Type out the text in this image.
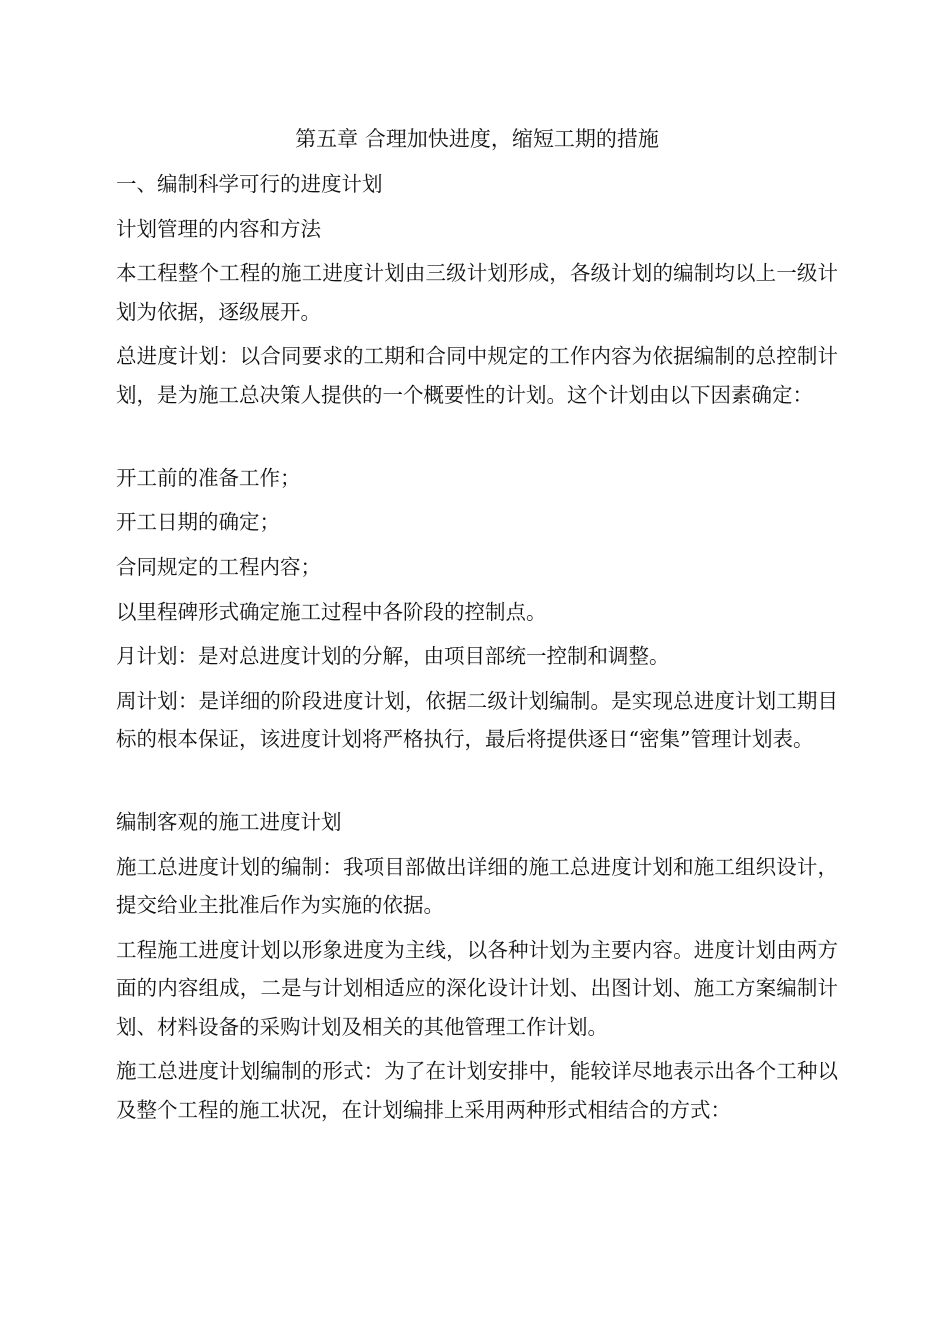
第五章 合理加快进度，缩短工期的措施
一、编制科学可行的进度计划
计划管理的内容和方法
本工程整个工程的施工进度计划由三级计划形成，各级计划的编制均以上一级计划为依据，逐级展开。
总进度计划：以合同要求的工期和合同中规定的工作内容为依据编制的总控制计划，是为施工总决策人提供的一个概要性的计划。这个计划由以下因素确定：
开工前的准备工作；
开工日期的确定；
合同规定的工程内容；
以里程碑形式确定施工过程中各阶段的控制点。
月计划：是对总进度计划的分解，由项目部统一控制和调整。
周计划：是详细的阶段进度计划，依据二级计划编制。是实现总进度计划工期目标的根本保证，该进度计划将严格执行，最后将提供逐日“密集”管理计划表。
编制客观的施工进度计划
施工总进度计划的编制：我项目部做出详细的施工总进度计划和施工组织设计，提交给业主批准后作为实施的依据。
工程施工进度计划以形象进度为主线，以各种计划为主要内容。进度计划由两方面的内容组成，二是与计划相适应的深化设计计划、出图计划、施工方案编制计划、材料设备的采购计划及相关的其他管理工作计划。
施工总进度计划编制的形式：为了在计划安排中，能较详尽地表示出各个工种以及整个工程的施工状况，在计划编排上采用两种形式相结合的方式：
